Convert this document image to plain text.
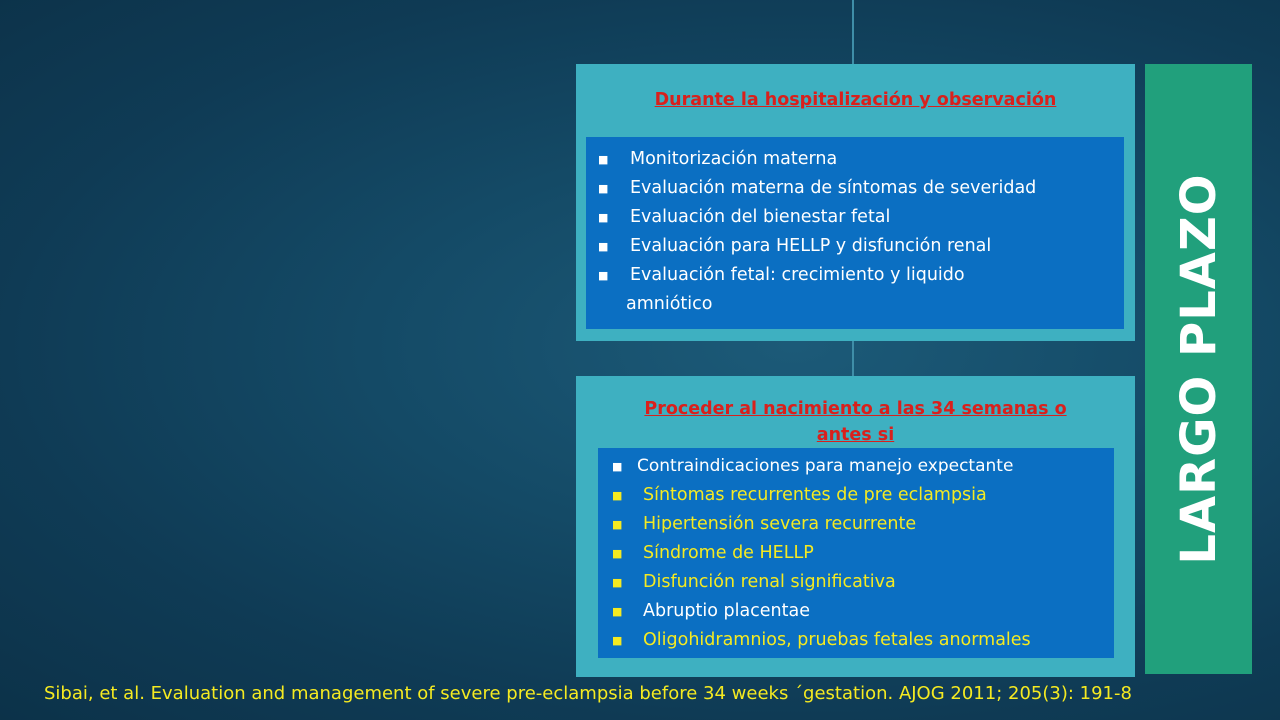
Durante la hospitalización y observación
■ Monitorización materna
■ Evaluación materna de síntomas de severidad
■ Evaluación del bienestar fetal
■ Evaluación para HELLP y disfunción renal
■ Evaluación fetal: crecimiento y liquido
amniótico
Proceder al nacimiento a las 34 semanas o
antes si
■ Contraindicaciones para manejo expectante
■ Síntomas recurrentes de pre eclampsia
■ Hipertensión severa recurrente
■ Síndrome de HELLP
■ Disfunción renal significativa
■ Abruptio placentae
■ Oligohidramnios, pruebas fetales anormales
LARGO PLAZO
Sibai, et al. Evaluation and management of severe pre-eclampsia before 34 weeks ´gestation. AJOG 2011; 205(3): 191-8
